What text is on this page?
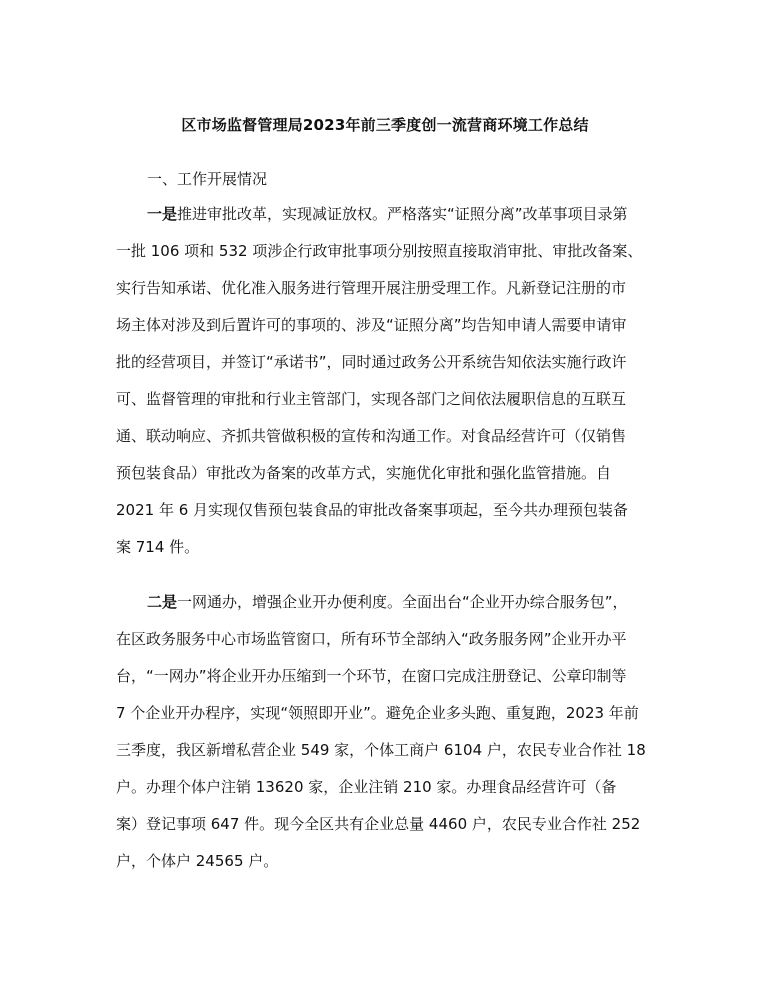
区市场监督管理局2023年前三季度创一流营商环境工作总结
一、工作开展情况
一是推进审批改革，实现减证放权。严格落实“证照分离”改革事项目录第
一批 106 项和 532 项涉企行政审批事项分别按照直接取消审批、审批改备案、
实行告知承诺、优化准入服务进行管理开展注册受理工作。凡新登记注册的市
场主体对涉及到后置许可的事项的、涉及“证照分离”均告知申请人需要申请审
批的经营项目，并签订“承诺书”，同时通过政务公开系统告知依法实施行政许
可、监督管理的审批和行业主管部门，实现各部门之间依法履职信息的互联互
通、联动响应、齐抓共管做积极的宣传和沟通工作。对食品经营许可（仅销售
预包装食品）审批改为备案的改革方式，实施优化审批和强化监管措施。自
2021 年 6 月实现仅售预包装食品的审批改备案事项起，至今共办理预包装备
案 714 件。
二是一网通办，增强企业开办便利度。全面出台“企业开办综合服务包”，
在区政务服务中心市场监管窗口，所有环节全部纳入“政务服务网”企业开办平
台，“一网办”将企业开办压缩到一个环节，在窗口完成注册登记、公章印制等
7 个企业开办程序，实现“领照即开业”。避免企业多头跑、重复跑，2023 年前
三季度，我区新增私营企业 549 家，个体工商户 6104 户，农民专业合作社 18
户。办理个体户注销 13620 家，企业注销 210 家。办理食品经营许可（备
案）登记事项 647 件。现今全区共有企业总量 4460 户，农民专业合作社 252
户，个体户 24565 户。
